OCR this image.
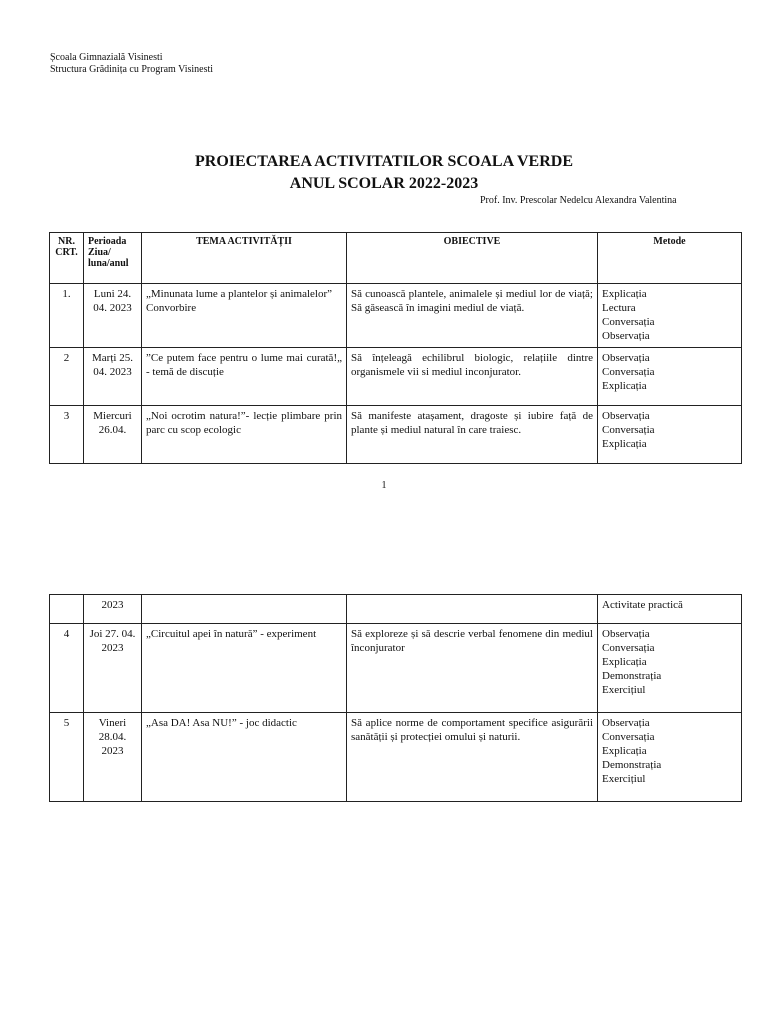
Școala Gimnazială Visinesti
Structura Grădinița cu Program Visinesti
PROIECTAREA ACTIVITATILOR SCOALA VERDE
ANUL SCOLAR 2022-2023
Prof. Inv. Prescolar Nedelcu Alexandra Valentina
NR. CRT.	Perioada Ziua/ luna/anul	TEMA ACTIVITĂȚII	OBIECTIVE	Metode
1.	Luni 24. 04. 2023	„Minunata lume a plantelor și animalelor” Convorbire	Să cunoască plantele, animalele și mediul lor de viață; Să găsească în imagini mediul de viață.	Explicația
Lectura
Conversația
Observația

2	Marți 25. 04. 2023	”Ce putem face pentru o lume mai curată!„ - temă de discuție	Să înțeleagă echilibrul biologic, relațiile dintre organismele vii si mediul inconjurator.	Observația
Conversația
Explicația

3	Miercuri 26.04.	„Noi ocrotim natura!”- lecție plimbare prin parc cu scop ecologic	Să manifeste atașament, dragoste și iubire față de plante și mediul natural în care traiesc.	Observația
Conversația
Explicația
1
	2023			Activitate practică

4	Joi 27. 04. 2023	„Circuitul apei în natură” - experiment	Să exploreze și să descrie verbal fenomene din mediul înconjurator	Observația
Conversația
Explicația
Demonstrația
Exercițiul

5	Vineri 28.04. 2023	„Asa DA! Asa NU!” - joc didactic	Să aplice norme de comportament specifice asigurării sanătății și protecției omului și naturii.	Observația
Conversația
Explicația
Demonstrația
Exercițiul
